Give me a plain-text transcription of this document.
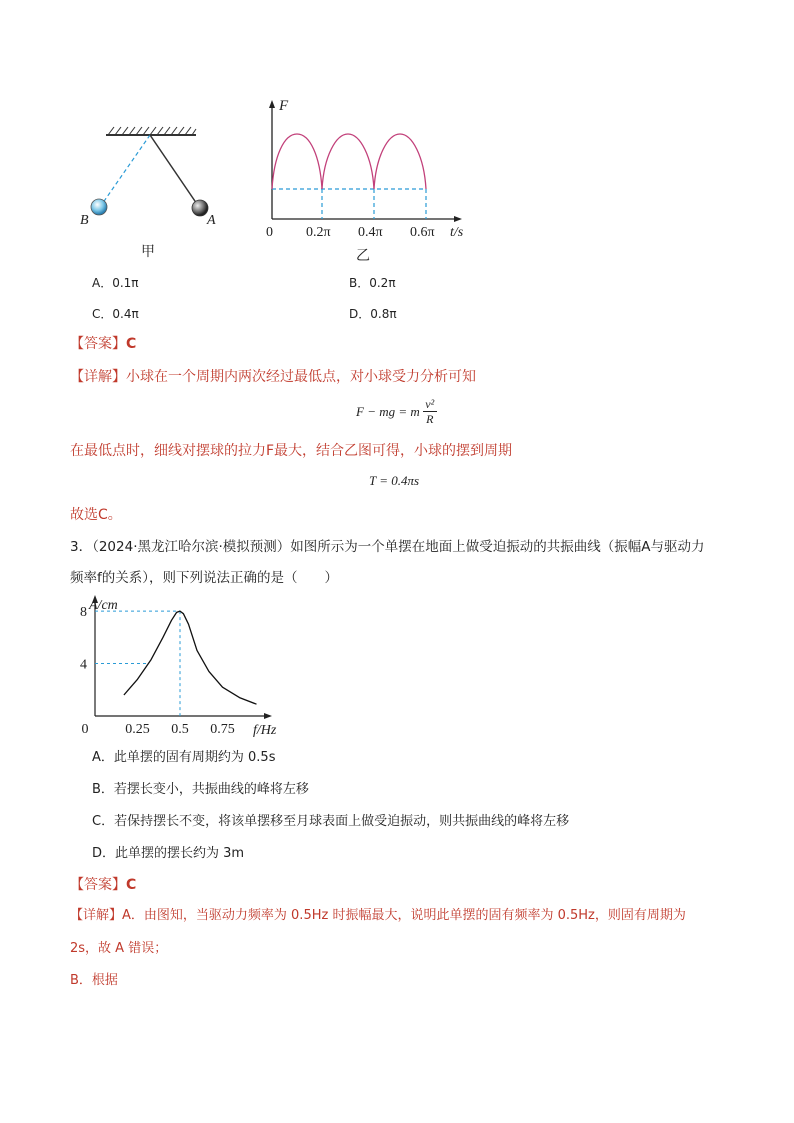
B	A
甲
F
0 0.2π 0.4π 0.6π t/s
乙
A．0.1π	B．0.2π
C．0.4π	D．0.8π
【答案】C
【详解】小球在一个周期内两次经过最低点，对小球受力分析可知
F − mg = m v²
R
在最低点时，细线对摆球的拉力F最大，结合乙图可得，小球的摆到周期
T = 0.4πs
故选C。
3．（2024·黑龙江哈尔滨·模拟预测）如图所示为一个单摆在地面上做受迫振动的共振曲线（振幅A与驱动力
频率f的关系），则下列说法正确的是（　　）
4
8
0	0.25 0.5 0.75
A/cm
f/Hz
A．此单摆的固有周期约为 0.5s
B．若摆长变小，共振曲线的峰将左移
C．若保持摆长不变，将该单摆移至月球表面上做受迫振动，则共振曲线的峰将左移
D．此单摆的摆长约为 3m
【答案】C
【详解】A．由图知，当驱动力频率为 0.5Hz 时振幅最大，说明此单摆的固有频率为 0.5Hz，则固有周期为
2s，故 A 错误；
B．根据
